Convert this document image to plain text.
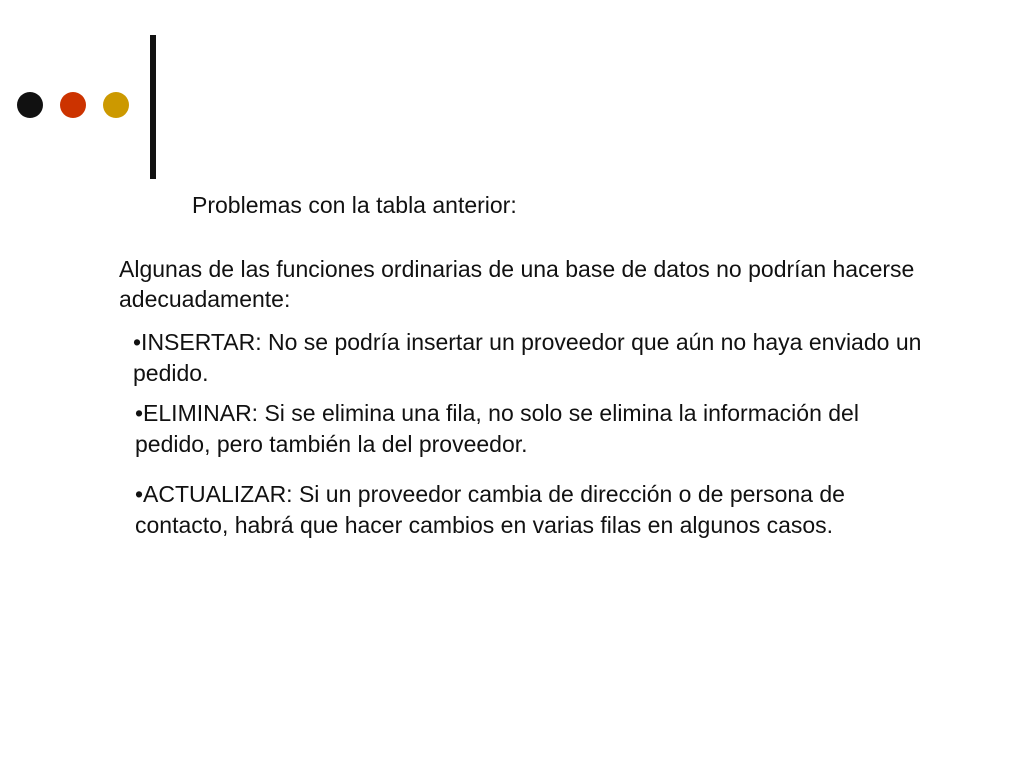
Problemas con la tabla anterior:

Algunas de las funciones ordinarias de una base de datos no podrían hacerse adecuadamente:

•INSERTAR: No se podría insertar un proveedor que aún no haya enviado un pedido.

•ELIMINAR: Si se elimina una fila, no solo se elimina la información del pedido, pero también la del proveedor.

•ACTUALIZAR: Si un proveedor cambia de dirección o de persona de contacto, habrá que hacer cambios en varias filas en algunos casos.
